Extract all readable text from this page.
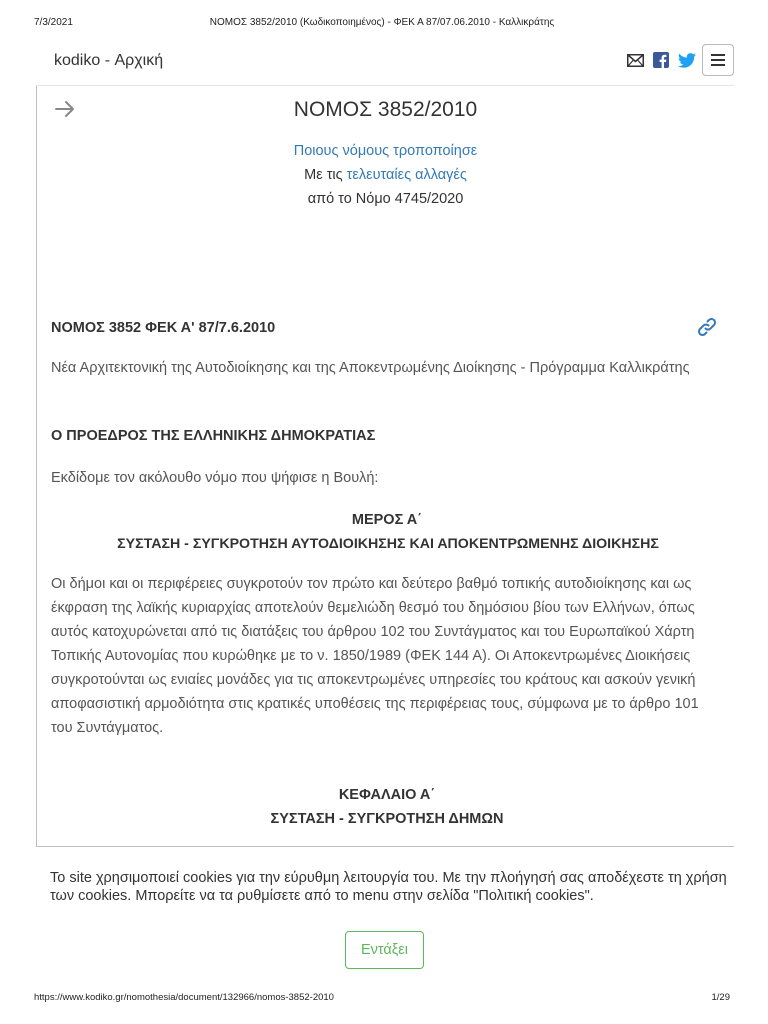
7/3/2021	ΝΟΜΟΣ 3852/2010 (Κωδικοποιημένος) - ΦΕΚ Α 87/07.06.2010 - Καλλικράτης
kodiko - Αρχική
ΝΟΜΟΣ 3852/2010
Ποιους νόμους τροποποίησε
Με τις τελευταίες αλλαγές
από το Νόμο 4745/2020
ΝΟΜΟΣ 3852 ΦΕΚ Α' 87/7.6.2010
Νέα Αρχιτεκτονική της Αυτοδιοίκησης και της Αποκεντρωμένης Διοίκησης - Πρόγραμμα Καλλικράτης
Ο ΠΡΟΕΔΡΟΣ ΤΗΣ ΕΛΛΗΝΙΚΗΣ ΔΗΜΟΚΡΑΤΙΑΣ
Εκδίδομε τον ακόλουθο νόμο που ψήφισε η Βουλή:
ΜΕΡΟΣ Α΄
ΣΥΣΤΑΣΗ - ΣΥΓΚΡΟΤΗΣΗ ΑΥΤΟΔΙΟΙΚΗΣΗΣ ΚΑΙ ΑΠΟΚΕΝΤΡΩΜΕΝΗΣ ΔΙΟΙΚΗΣΗΣ
Οι δήμοι και οι περιφέρειες συγκροτούν τον πρώτο και δεύτερο βαθμό τοπικής αυτοδιοίκησης και ως έκφραση της λαϊκής κυριαρχίας αποτελούν θεμελιώδη θεσμό του δημόσιου βίου των Ελλήνων, όπως αυτός κατοχυρώνεται από τις διατάξεις του άρθρου 102 του Συντάγματος και του Ευρωπαϊκού Χάρτη Τοπικής Αυτονομίας που κυρώθηκε με το ν. 1850/1989 (ΦΕΚ 144 Α). Οι Αποκεντρωμένες Διοικήσεις συγκροτούνται ως ενιαίες μονάδες για τις αποκεντρωμένες υπηρεσίες του κράτους και ασκούν γενική αποφασιστική αρμοδιότητα στις κρατικές υποθέσεις της περιφέρειας τους, σύμφωνα με το άρθρο 101 του Συντάγματος.
ΚΕΦΑΛΑΙΟ Α΄
ΣΥΣΤΑΣΗ - ΣΥΓΚΡΟΤΗΣΗ ΔΗΜΩΝ
Το site χρησιμοποιεί cookies για την εύρυθμη λειτουργία του. Με την πλοήγησή σας αποδέχεστε τη χρήση των cookies. Μπορείτε να τα ρυθμίσετε από το menu στην σελίδα "Πολιτική cookies".
Εντάξει
https://www.kodiko.gr/nomothesia/document/132966/nomos-3852-2010	1/29
